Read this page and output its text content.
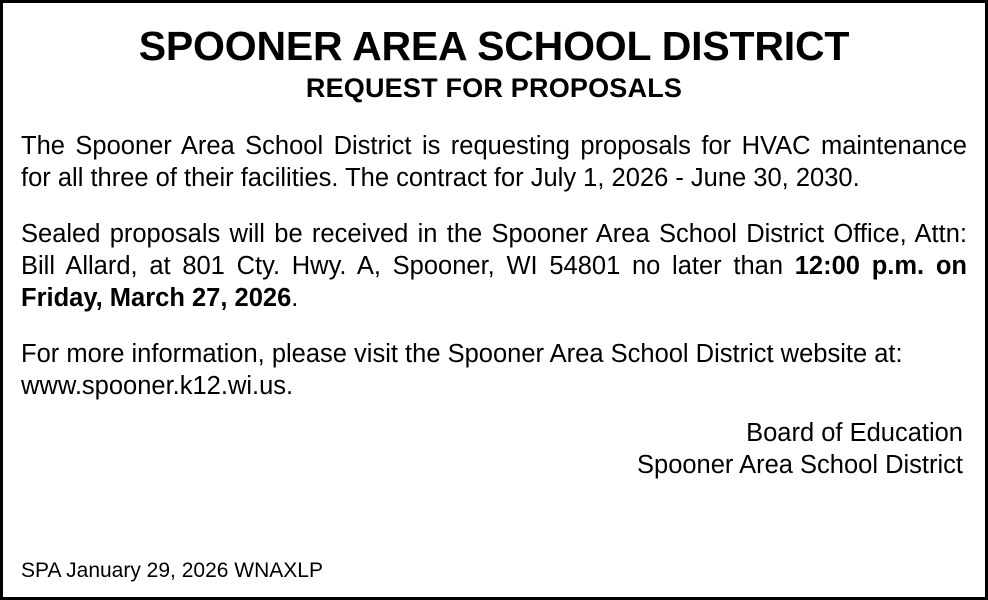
SPOONER AREA SCHOOL DISTRICT
REQUEST FOR PROPOSALS

The Spooner Area School District is requesting proposals for HVAC maintenance for all three of their facilities. The contract for July 1, 2026 - June 30, 2030.

Sealed proposals will be received in the Spooner Area School District Office, Attn: Bill Allard, at 801 Cty. Hwy. A, Spooner, WI 54801 no later than 12:00 p.m. on Friday, March 27, 2026.

For more information, please visit the Spooner Area School District website at: www.spooner.k12.wi.us.

Board of Education
Spooner Area School District
SPA January 29, 2026 WNAXLP
